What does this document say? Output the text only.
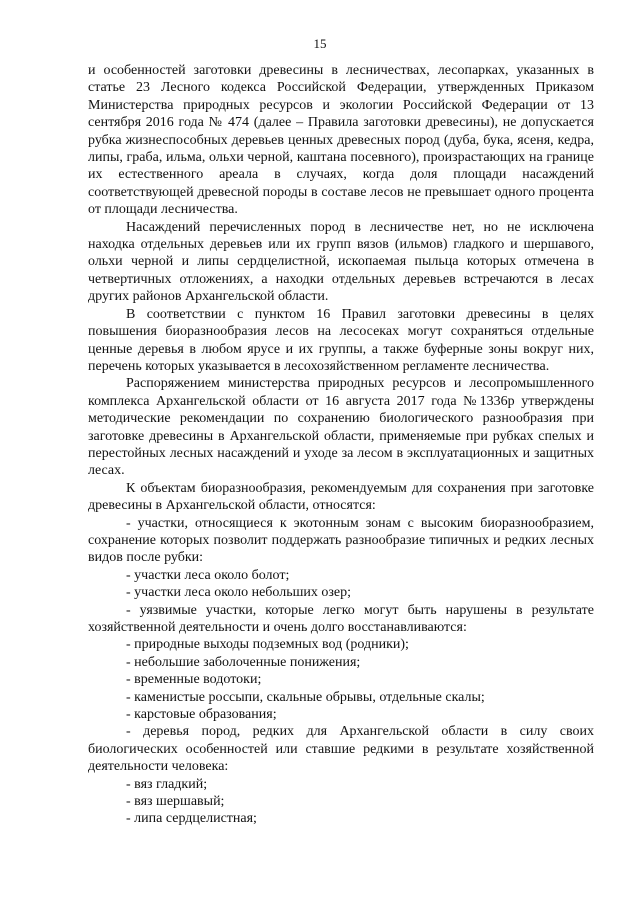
15

и особенностей заготовки древесины в лесничествах, лесопарках, указанных в статье 23 Лесного кодекса Российской Федерации, утвержденных Приказом Министерства природных ресурсов и экологии Российской Федерации от 13 сентября 2016 года № 474 (далее – Правила заготовки древесины), не допускается рубка жизнеспособных деревьев ценных древесных пород (дуба, бука, ясеня, кедра, липы, граба, ильма, ольхи черной, каштана посевного), произрастающих на границе их естественного ареала в случаях, когда доля площади насаждений соответствующей древесной породы в составе лесов не превышает одного процента от площади лесничества.

Насаждений перечисленных пород в лесничестве нет, но не исключена находка отдельных деревьев или их групп вязов (ильмов) гладкого и шершавого, ольхи черной и липы сердцелистной, ископаемая пыльца которых отмечена в четвертичных отложениях, а находки отдельных деревьев встречаются в лесах других районов Архангельской области.

В соответствии с пунктом 16 Правил заготовки древесины в целях повышения биоразнообразия лесов на лесосеках могут сохраняться отдельные ценные деревья в любом ярусе и их группы, а также буферные зоны вокруг них, перечень которых указывается в лесохозяйственном регламенте лесничества.

Распоряжением министерства природных ресурсов и лесопромышленного комплекса Архангельской области от 16 августа 2017 года №1336р утверждены методические рекомендации по сохранению биологического разнообразия при заготовке древесины в Архангельской области, применяемые при рубках спелых и перестойных лесных насаждений и уходе за лесом в эксплуатационных и защитных лесах.

К объектам биоразнообразия, рекомендуемым для сохранения при заготовке древесины в Архангельской области, относятся:

- участки, относящиеся к экотонным зонам с высоким биоразнообразием, сохранение которых позволит поддержать разнообразие типичных и редких лесных видов после рубки:

- участки леса около болот;

- участки леса около небольших озер;

- уязвимые участки, которые легко могут быть нарушены в результате хозяйственной деятельности и очень долго восстанавливаются:

- природные выходы подземных вод (родники);

- небольшие заболоченные понижения;

- временные водотоки;

- каменистые россыпи, скальные обрывы, отдельные скалы;

- карстовые образования;

- деревья пород, редких для Архангельской области в силу своих биологических особенностей или ставшие редкими в результате хозяйственной деятельности человека:

- вяз гладкий;

- вяз шершавый;

- липа сердцелистная;
